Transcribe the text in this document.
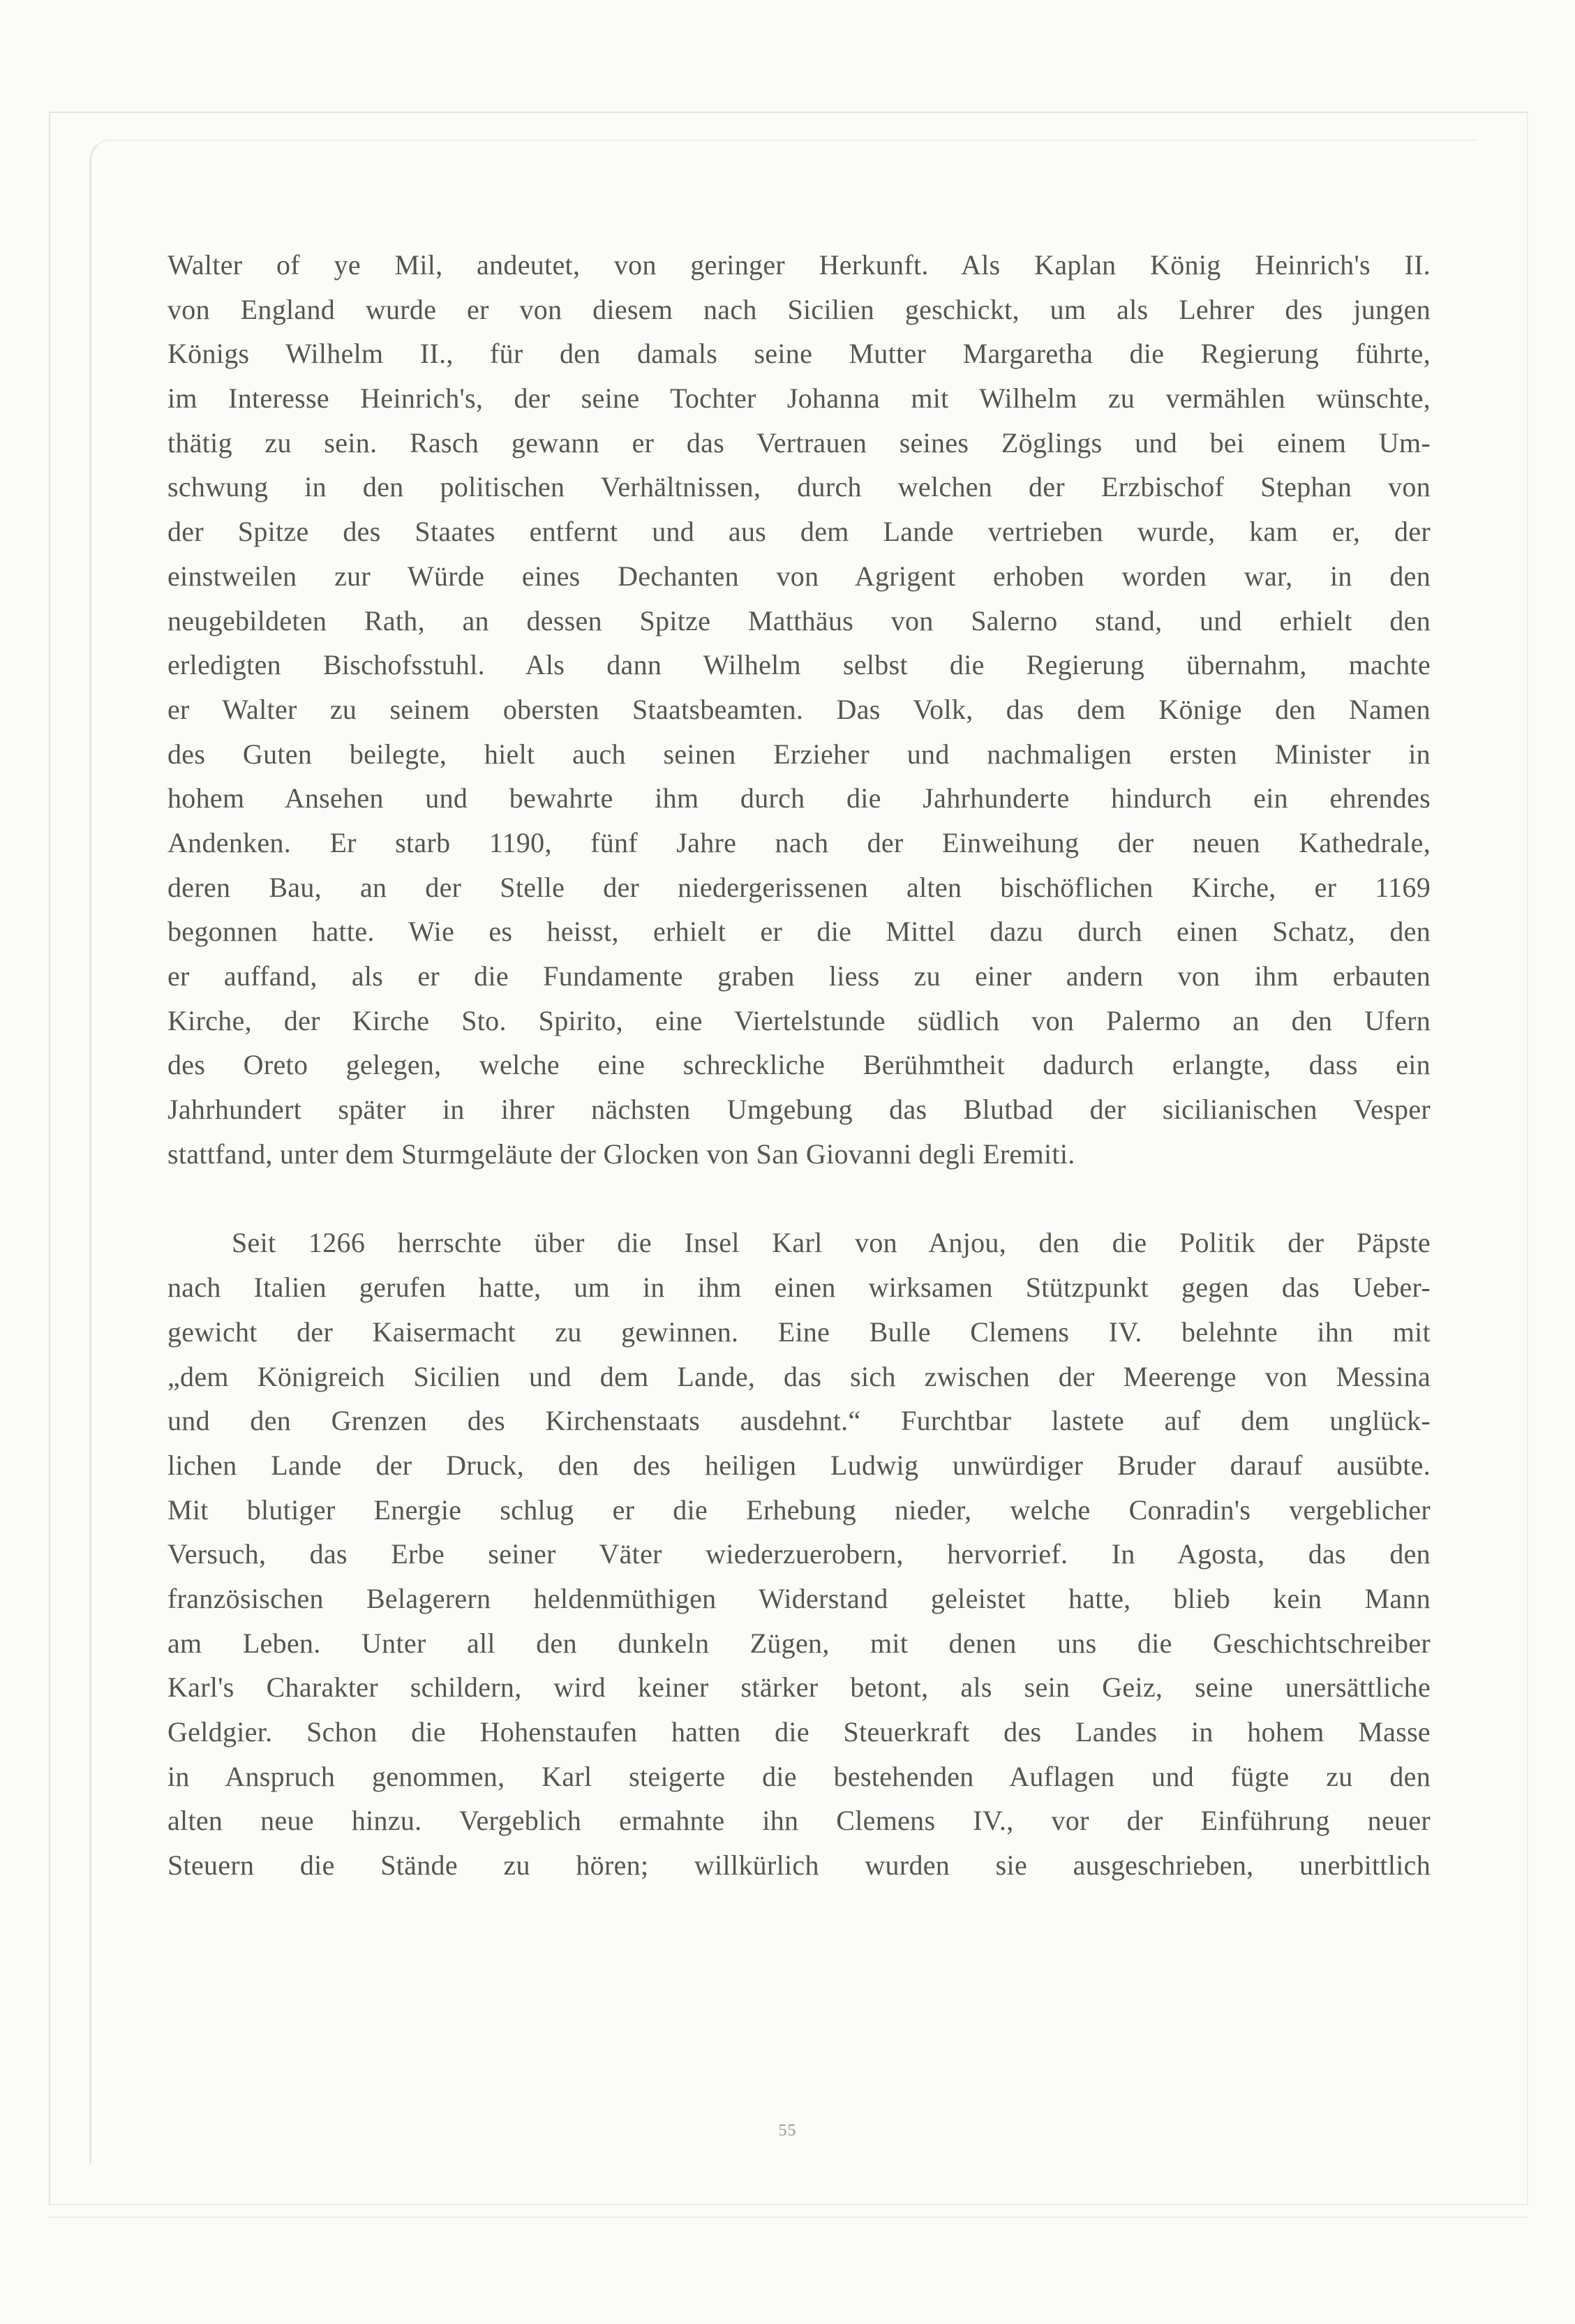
Walter of ye Mil, andeutet, von geringer Herkunft. Als Kaplan König Heinrich's II.
von England wurde er von diesem nach Sicilien geschickt, um als Lehrer des jungen
Königs Wilhelm II., für den damals seine Mutter Margaretha die Regierung führte,
im Interesse Heinrich's, der seine Tochter Johanna mit Wilhelm zu vermählen wünschte,
thätig zu sein. Rasch gewann er das Vertrauen seines Zöglings und bei einem Um-
schwung in den politischen Verhältnissen, durch welchen der Erzbischof Stephan von
der Spitze des Staates entfernt und aus dem Lande vertrieben wurde, kam er, der
einstweilen zur Würde eines Dechanten von Agrigent erhoben worden war, in den
neugebildeten Rath, an dessen Spitze Matthäus von Salerno stand, und erhielt den
erledigten Bischofsstuhl. Als dann Wilhelm selbst die Regierung übernahm, machte
er Walter zu seinem obersten Staatsbeamten. Das Volk, das dem Könige den Namen
des Guten beilegte, hielt auch seinen Erzieher und nachmaligen ersten Minister in
hohem Ansehen und bewahrte ihm durch die Jahrhunderte hindurch ein ehrendes
Andenken. Er starb 1190, fünf Jahre nach der Einweihung der neuen Kathedrale,
deren Bau, an der Stelle der niedergerissenen alten bischöflichen Kirche, er 1169
begonnen hatte. Wie es heisst, erhielt er die Mittel dazu durch einen Schatz, den
er auffand, als er die Fundamente graben liess zu einer andern von ihm erbauten
Kirche, der Kirche Sto. Spirito, eine Viertelstunde südlich von Palermo an den Ufern
des Oreto gelegen, welche eine schreckliche Berühmtheit dadurch erlangte, dass ein
Jahrhundert später in ihrer nächsten Umgebung das Blutbad der sicilianischen Vesper
stattfand, unter dem Sturmgeläute der Glocken von San Giovanni degli Eremiti.

Seit 1266 herrschte über die Insel Karl von Anjou, den die Politik der Päpste
nach Italien gerufen hatte, um in ihm einen wirksamen Stützpunkt gegen das Ueber-
gewicht der Kaisermacht zu gewinnen. Eine Bulle Clemens IV. belehnte ihn mit
„dem Königreich Sicilien und dem Lande, das sich zwischen der Meerenge von Messina
und den Grenzen des Kirchenstaats ausdehnt.“ Furchtbar lastete auf dem unglück-
lichen Lande der Druck, den des heiligen Ludwig unwürdiger Bruder darauf ausübte.
Mit blutiger Energie schlug er die Erhebung nieder, welche Conradin's vergeblicher
Versuch, das Erbe seiner Väter wiederzuerobern, hervorrief. In Agosta, das den
französischen Belagerern heldenmüthigen Widerstand geleistet hatte, blieb kein Mann
am Leben. Unter all den dunkeln Zügen, mit denen uns die Geschichtschreiber
Karl's Charakter schildern, wird keiner stärker betont, als sein Geiz, seine unersättliche
Geldgier. Schon die Hohenstaufen hatten die Steuerkraft des Landes in hohem Masse
in Anspruch genommen, Karl steigerte die bestehenden Auflagen und fügte zu den
alten neue hinzu. Vergeblich ermahnte ihn Clemens IV., vor der Einführung neuer
Steuern die Stände zu hören; willkürlich wurden sie ausgeschrieben, unerbittlich

55
